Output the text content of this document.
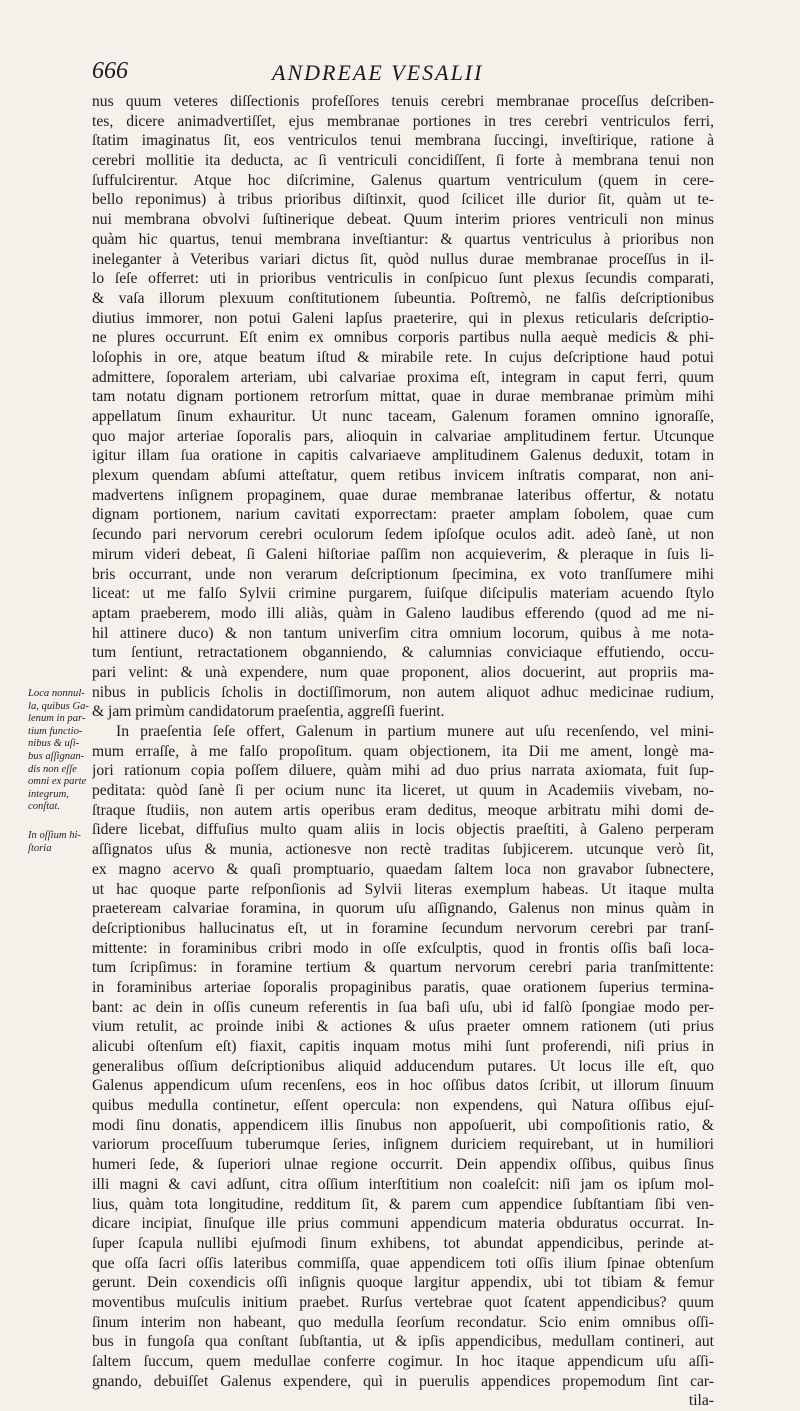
666	ANDREAE VESALII
nus quum veteres diſſectionis profeſſores tenuis cerebri membranae proceſſus deſcriben-
tes, dicere animadvertiſſet, ejus membranae portiones in tres cerebri ventriculos ferri,
ſtatim imaginatus ſit, eos ventriculos tenui membrana ſuccingi, inveſtirique, ratione à
cerebri mollitie ita deducta, ac ſi ventriculi concidiſſent, ſi forte à membrana tenui non
ſuffulcirentur. Atque hoc diſcrimine, Galenus quartum ventriculum (quem in cere-
bello reponimus) à tribus prioribus diſtinxit, quod ſcilicet ille durior ſit, quàm ut te-
nui membrana obvolvi ſuſtinerique debeat. Quum interim priores ventriculi non minus
quàm hic quartus, tenui membrana inveſtiantur: & quartus ventriculus à prioribus non
ineleganter à Veteribus variari dictus ſit, quòd nullus durae membranae proceſſus in il-
lo ſeſe offerret: uti in prioribus ventriculis in conſpicuo ſunt plexus ſecundis comparati,
& vaſa illorum plexuum conſtitutionem ſubeuntia. Poſtremò, ne falſis deſcriptionibus
diutius immorer, non potui Galeni lapſus praeterire, qui in plexus reticularis deſcriptio-
ne plures occurrunt. Eſt enim ex omnibus corporis partibus nulla aequè medicis & phi-
loſophis in ore, atque beatum iſtud & mirabile rete. In cujus deſcriptione haud potui
admittere, ſoporalem arteriam, ubi calvariae proxima eſt, integram in caput ferri, quum
tam notatu dignam portionem retrorſum mittat, quae in durae membranae primùm mihi
appellatum ſinum exhauritur. Ut nunc taceam, Galenum foramen omnino ignoraſſe,
quo major arteriae ſoporalis pars, alioquin in calvariae amplitudinem fertur. Utcunque
igitur illam ſua oratione in capitis calvariaeve amplitudinem Galenus deduxit, totam in
plexum quendam abſumi atteſtatur, quem retibus invicem inſtratis comparat, non ani-
madvertens inſignem propaginem, quae durae membranae lateribus offertur, & notatu
dignam portionem, narium cavitati exporrectam: praeter amplam ſobolem, quae cum
ſecundo pari nervorum cerebri oculorum ſedem ipſoſque oculos adit. adeò ſanè, ut non
mirum videri debeat, ſi Galeni hiſtoriae paſſim non acquieverim, & pleraque in ſuis li-
bris occurrant, unde non verarum deſcriptionum ſpecimina, ex voto tranſſumere mihi
liceat: ut me falſo Sylvii crimine purgarem, ſuiſque diſcipulis materiam acuendo ſtylo
aptam praeberem, modo illi aliàs, quàm in Galeno laudibus efferendo (quod ad me ni-
hil attinere duco) & non tantum univerſim citra omnium locorum, quibus à me nota-
tum ſentiunt, retractationem obganniendo, & calumnias conviciaque effutiendo, occu-
pari velint: & unà expendere, num quae proponent, alios docuerint, aut propriis ma-
nibus in publicis ſcholis in doctiſſimorum, non autem aliquot adhuc medicinae rudium,
& jam primùm candidatorum praeſentia, aggreſſi fuerint.
In praeſentia ſeſe offert, Galenum in partium munere aut uſu recenſendo, vel mini-
mum erraſſe, à me falſo propoſitum. quam objectionem, ita Dii me ament, longè ma-
jori rationum copia poſſem diluere, quàm mihi ad duo prius narrata axiomata, fuit ſup-
peditata: quòd ſanè ſi per ocium nunc ita liceret, ut quum in Academiis vivebam, no-
ſtraque ſtudiis, non autem artis operibus eram deditus, meoque arbitratu mihi domi de-
ſidere licebat, diffuſius multo quam aliis in locis objectis praeſtiti, à Galeno perperam
aſſignatos uſus & munia, actionesve non rectè traditas ſubjicerem. utcunque verò ſit,
ex magno acervo & quaſi promptuario, quaedam ſaltem loca non gravabor ſubnectere,
ut hac quoque parte reſponſionis ad Sylvii literas exemplum habeas. Ut itaque multa
praeteream calvariae foramina, in quorum uſu aſſignando, Galenus non minus quàm in
deſcriptionibus hallucinatus eſt, ut in foramine ſecundum nervorum cerebri par tranſ-
mittente: in foraminibus cribri modo in oſſe exſculptis, quod in frontis oſſis baſi locа-
tum ſcripſimus: in foramine tertium & quartum nervorum cerebri paria tranſmittente:
in foraminibus arteriae ſoporalis propaginibus paratis, quae orationem ſuperius termina-
bant: ac dein in oſſis cuneum referentis in ſua baſi uſu, ubi id falſò ſpongiae modo per-
vium retulit, ac proinde inibi & actiones & uſus praeter omnem rationem (uti prius
alicubi oſtenſum eſt) fiaxit, capitis inquam motus mihi ſunt proferendi, niſi prius in
generalibus oſſium deſcriptionibus aliquid adducendum putares. Ut locus ille eſt, quo
Galenus appendicum uſum recenſens, eos in hoc oſſibus datos ſcribit, ut illorum ſinuum
quibus medulla continetur, eſſent opercula: non expendens, quì Natura oſſibus ejuſ-
modi ſinu donatis, appendicem illis ſinubus non appoſuerit, ubi compoſitionis ratio, &
variorum proceſſuum tuberumque ſeries, inſignem duriciem requirebant, ut in humiliori
humeri ſede, & ſuperiori ulnae regione occurrit. Dein appendix oſſibus, quibus ſinus
illi magni & cavi adſunt, citra oſſium interſtitium non coaleſcit: niſi jam os ipſum mol-
lius, quàm tota longitudine, redditum ſit, & parem cum appendice ſubſtantiam ſibi ven-
dicare incipiat, ſinuſque ille prius communi appendicum materia obduratus occurrat. In-
ſuper ſcapula nullibi ejuſmodi ſinum exhibens, tot abundat appendicibus, perinde at-
que oſſa ſacri oſſis lateribus commiſſa, quae appendicem toti oſſis ilium ſpinae obtenſum
gerunt. Dein coxendicis oſſi inſignis quoque largitur appendix, ubi tot tibiam & femur
moventibus muſculis initium praebet. Rurſus vertebrae quot ſcatent appendicibus? quum
ſinum interim non habeant, quo medulla ſeorſum recondatur. Scio enim omnibus oſſi-
bus in fungoſa qua conſtant ſubſtantia, ut & ipſis appendicibus, medullam contineri, aut
ſaltem ſuccum, quem medullae conferre cogimur. In hoc itaque appendicum uſu aſſi-
gnando, debuiſſet Galenus expendere, quì in puerulis appendices propemodum ſint car-
tila-
Loca nonnul-
la, quibus Ga-
lenum in par-
tium functio-
nibus & uſi-
bus aſſignan-
dis non eſſe
omni ex parte
integrum,
conſtat.
In oſſium hi-
ſtoria
